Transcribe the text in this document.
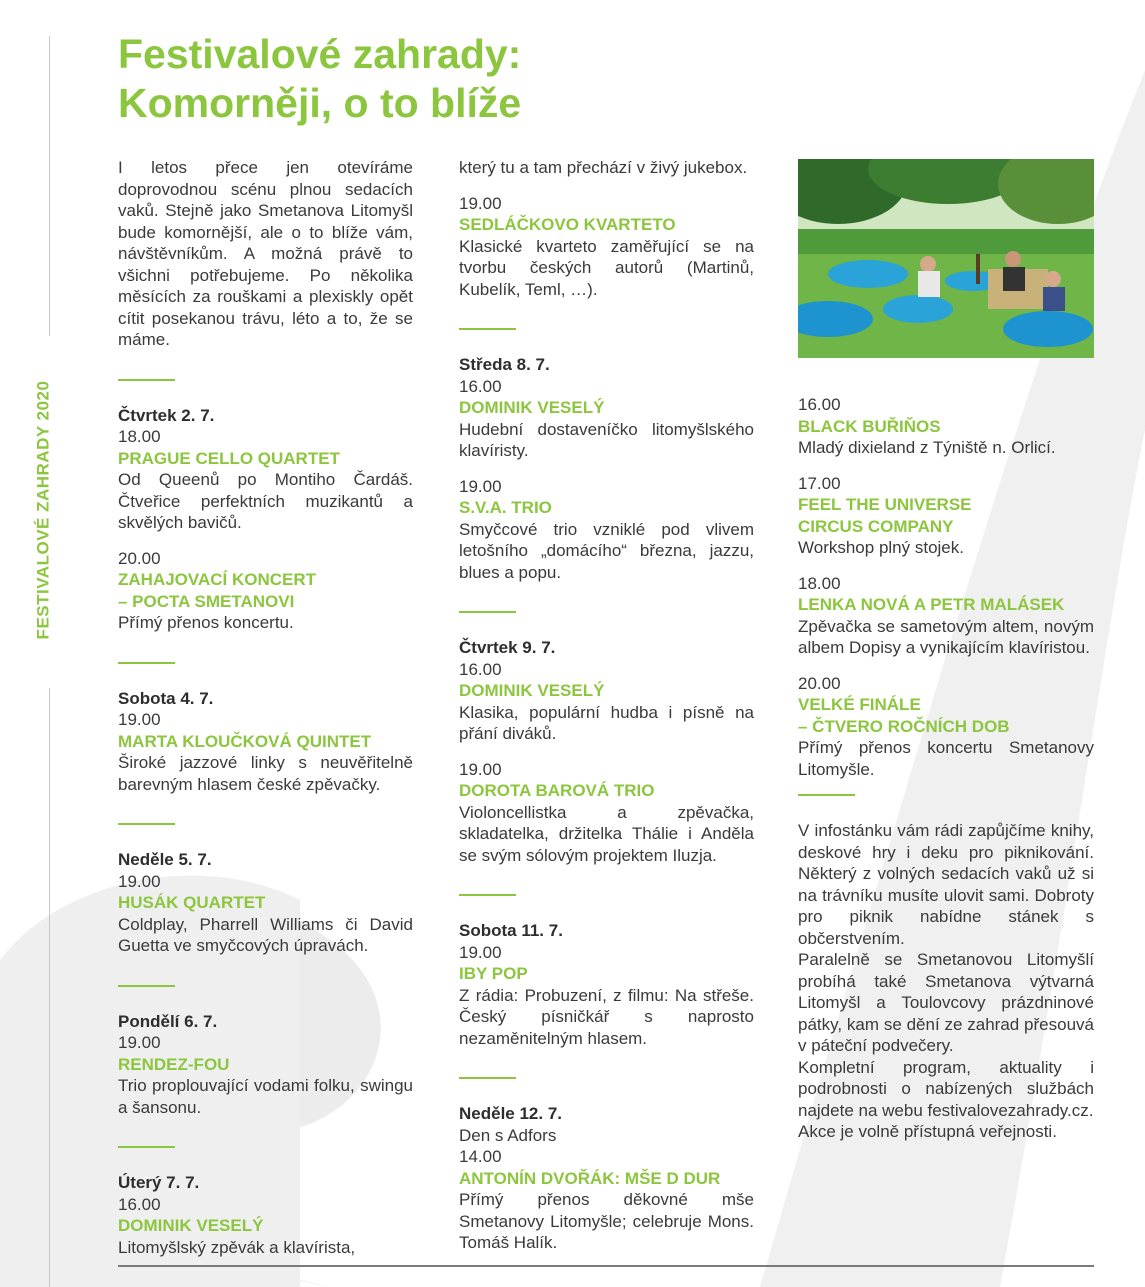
FESTIVALOVÉ ZAHRADY 2020
Festivalové zahrady:
Komorněji, o to blíže

I letos přece jen otevíráme doprovodnou scénu plnou sedacích vaků. Stejně jako Smetanova Litomyšl bude komornější, ale o to blíže vám, návštěvníkům. A možná právě to všichni potřebujeme. Po několika měsících za rouškami a plexiskly opět cítit posekanou trávu, léto a to, že se máme.

Čtvrtek 2. 7.
18.00
PRAGUE CELLO QUARTET
Od Queenů po Montiho Čardáš. Čtveřice perfektních muzikantů a skvělých bavičů.
20.00
ZAHAJOVACÍ KONCERT
– POCTA SMETANOVI
Přímý přenos koncertu.
Sobota 4. 7.
19.00
MARTA KLOUČKOVÁ QUINTET
Široké jazzové linky s neuvěřitelně barevným hlasem české zpěvačky.
Neděle 5. 7.
19.00
HUSÁK QUARTET
Coldplay, Pharrell Williams či David Guetta ve smyčcových úpravách.
Pondělí 6. 7.
19.00
RENDEZ-FOU
Trio proplouvající vodami folku, swingu a šansonu.
Úterý 7. 7.
16.00
DOMINIK VESELÝ
Litomyšlský zpěvák a klavírista,

který tu a tam přechází v živý jukebox.

19.00
SEDLÁČKOVO KVARTETO
Klasické kvarteto zaměřující se na tvorbu českých autorů (Martinů, Kubelík, Teml, …).
Středa 8. 7.
16.00
DOMINIK VESELÝ
Hudební dostaveníčko litomyšlského klavíristy.
19.00
S.V.A. TRIO
Smyčcové trio vzniklé pod vlivem letošního „domácího“ března, jazzu, blues a popu.
Čtvrtek 9. 7.
16.00
DOMINIK VESELÝ
Klasika, populární hudba i písně na přání diváků.
19.00
DOROTA BAROVÁ TRIO
Violoncellistka a zpěvačka, skladatelka, držitelka Thálie i Anděla se svým sólovým projektem Iluzja.
Sobota 11. 7.
19.00
IBY POP
Z rádia: Probuzení, z filmu: Na střeše. Český písničkář s naprosto nezaměnitelným hlasem.
Neděle 12. 7.
Den s Adfors
14.00
ANTONÍN DVOŘÁK: MŠE D DUR
Přímý přenos děkovné mše Smetanovy Litomyšle; celebruje Mons. Tomáš Halík.
16.00
BLACK BUŘIŇOS
Mladý dixieland z Týniště n. Orlicí.
17.00
FEEL THE UNIVERSE
CIRCUS COMPANY
Workshop plný stojek.
18.00
LENKA NOVÁ A PETR MALÁSEK
Zpěvačka se sametovým altem, novým albem Dopisy a vynikajícím klavíristou.
20.00
VELKÉ FINÁLE
– ČTVERO ROČNÍCH DOB
Přímý přenos koncertu Smetanovy Litomyšle.

V infostánku vám rádi zapůjčíme knihy, deskové hry i deku pro piknikování. Některý z volných sedacích vaků už si na trávníku musíte ulovit sami. Dobroty pro piknik nabídne stánek s občerstvením.

Paralelně se Smetanovou Litomyšlí probíhá také Smetanova výtvarná Litomyšl a Toulovcovy prázdninové pátky, kam se dění ze zahrad přesouvá v páteční podvečery.

Kompletní program, aktuality i podrobnosti o nabízených službách najdete na webu festivalovezahrady.cz.

Akce je volně přístupná veřejnosti.
